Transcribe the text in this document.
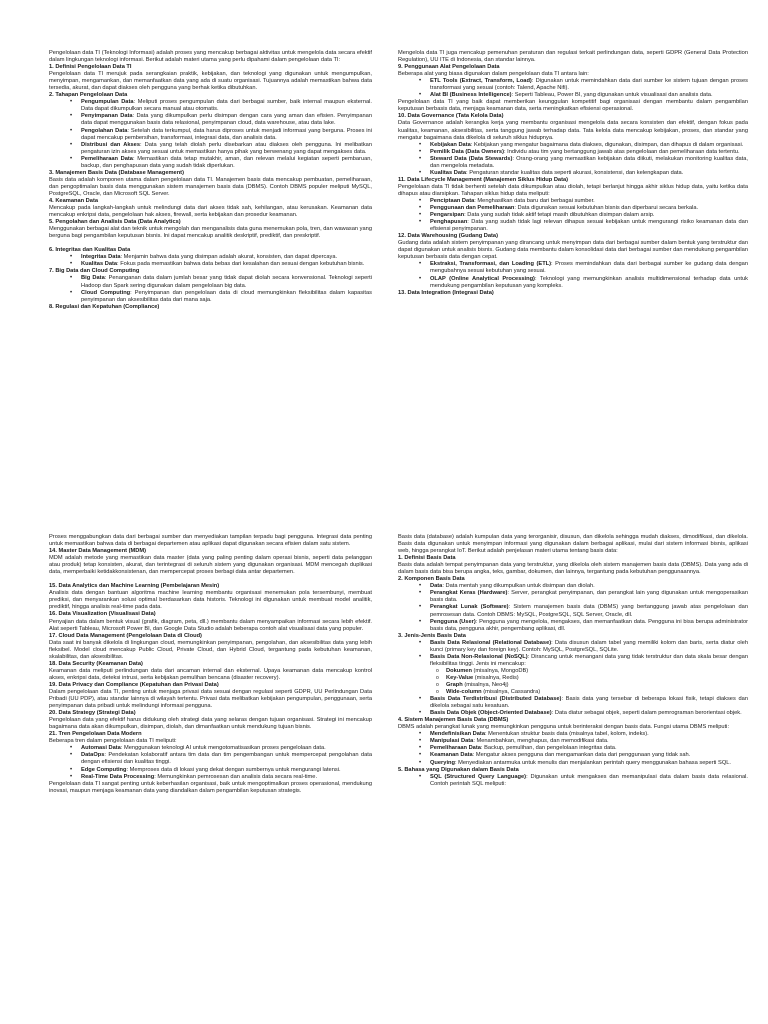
Pengelolaan data TI (Teknologi Informasi) adalah proses yang mencakup berbagai aktivitas untuk mengelola data secara efektif dalam lingkungan teknologi informasi. Berikut adalah materi utama yang perlu dipahami dalam pengelolaan data TI:

1. Definisi Pengelolaan Data TI

Pengelolaan data TI merujuk pada serangkaian praktik, kebijakan, dan teknologi yang digunakan untuk mengumpulkan, menyimpan, mengamankan, dan memanfaatkan data yang ada di suatu organisasi. Tujuannya adalah memastikan bahwa data tersedia, akurat, dan dapat diakses oleh pengguna yang berhak ketika dibutuhkan.

2. Tahapan Pengelolaan Data
• Pengumpulan Data: Meliputi proses pengumpulan data dari berbagai sumber, baik internal maupun eksternal. Data dapat dikumpulkan secara manual atau otomatis.
• Penyimpanan Data: Data yang dikumpulkan perlu disimpan dengan cara yang aman dan efisien. Penyimpanan data dapat menggunakan basis data relasional, penyimpanan cloud, data warehouse, atau data lake.
• Pengolahan Data: Setelah data terkumpul, data harus diproses untuk menjadi informasi yang berguna. Proses ini dapat mencakup pembersihan, transformasi, integrasi data, dan analisis data.
• Distribusi dan Akses: Data yang telah diolah perlu disebarkan atau diakses oleh pengguna. Ini melibatkan pengaturan izin akses yang sesuai untuk memastikan hanya pihak yang berwenang yang dapat mengakses data.
• Pemeliharaan Data: Memastikan data tetap mutakhir, aman, dan relevan melalui kegiatan seperti pembaruan, backup, dan penghapusan data yang sudah tidak diperlukan.
3. Manajemen Basis Data (Database Management)

Basis data adalah komponen utama dalam pengelolaan data TI. Manajemen basis data mencakup pembuatan, pemeliharaan, dan pengoptimalan basis data menggunakan sistem manajemen basis data (DBMS). Contoh DBMS populer meliputi MySQL, PostgreSQL, Oracle, dan Microsoft SQL Server.

4. Keamanan Data

Mencakup pada langkah-langkah untuk melindungi data dari akses tidak sah, kehilangan, atau kerusakan. Keamanan data mencakup enkripsi data, pengelolaan hak akses, firewall, serta kebijakan dan prosedur keamanan.

5. Pengolahan dan Analisis Data (Data Analytics)

Menggunakan berbagai alat dan teknik untuk mengolah dan menganalisis data guna menemukan pola, tren, dan wawasan yang berguna bagi pengambilan keputusan bisnis. Ini dapat mencakup analitik deskriptif, prediktif, dan preskriptif.

6. Integritas dan Kualitas Data
• Integritas Data: Menjamin bahwa data yang disimpan adalah akurat, konsisten, dan dapat dipercaya.
• Kualitas Data: Fokus pada memastikan bahwa data bebas dari kesalahan dan sesuai dengan kebutuhan bisnis.
7. Big Data dan Cloud Computing
• Big Data: Penanganan data dalam jumlah besar yang tidak dapat diolah secara konvensional. Teknologi seperti Hadoop dan Spark sering digunakan dalam pengelolaan big data.
• Cloud Computing: Penyimpanan dan pengelolaan data di cloud memungkinkan fleksibilitas dalam kapasitas penyimpanan dan aksesibilitas data dari mana saja.
8. Regulasi dan Kepatuhan (Compliance)

Mengelola data TI juga mencakup pemenuhan peraturan dan regulasi terkait perlindungan data, seperti GDPR (General Data Protection Regulation), UU ITE di Indonesia, dan standar lainnya.

9. Penggunaan Alat Pengelolaan Data

Beberapa alat yang biasa digunakan dalam pengelolaan data TI antara lain:

• ETL Tools (Extract, Transform, Load): Digunakan untuk memindahkan data dari sumber ke sistem tujuan dengan proses transformasi yang sesuai (contoh: Talend, Apache Nifi).
• Alat BI (Business Intelligence): Seperti Tableau, Power BI, yang digunakan untuk visualisasi dan analisis data.

Pengelolaan data TI yang baik dapat memberikan keunggulan kompetitif bagi organisasi dengan membantu dalam pengambilan keputusan berbasis data, menjaga keamanan data, serta meningkatkan efisiensi operasional.

10. Data Governance (Tata Kelola Data)

Data Governance adalah kerangka kerja yang membantu organisasi mengelola data secara konsisten dan efektif, dengan fokus pada kualitas, keamanan, aksesibilitas, serta tanggung jawab terhadap data. Tata kelola data mencakup kebijakan, proses, dan standar yang mengatur bagaimana data dikelola di seluruh siklus hidupnya.

• Kebijakan Data: Kebijakan yang mengatur bagaimana data diakses, digunakan, disimpan, dan dihapus di dalam organisasi.
• Pemilik Data (Data Owners): Individu atau tim yang bertanggung jawab atas pengelolaan dan pemeliharaan data tertentu.
• Steward Data (Data Stewards): Orang-orang yang memastikan kebijakan data diikuti, melakukan monitoring kualitas data, dan mengelola metadata.
• Kualitas Data: Pengaturan standar kualitas data seperti akurasi, konsistensi, dan kelengkapan data.
11. Data Lifecycle Management (Manajemen Siklus Hidup Data)

Pengelolaan data TI tidak berhenti setelah data dikumpulkan atau diolah, tetapi berlanjut hingga akhir siklus hidup data, yaitu ketika data dihapus atau diarsipkan. Tahapan siklus hidup data meliputi:

• Penciptaan Data: Menghasilkan data baru dari berbagai sumber.
• Penggunaan dan Pemeliharaan: Data digunakan sesuai kebutuhan bisnis dan diperbarui secara berkala.
• Pengarsipan: Data yang sudah tidak aktif tetapi masih dibutuhkan disimpan dalam arsip.
• Penghapusan: Data yang sudah tidak lagi relevan dihapus sesuai kebijakan untuk mengurangi risiko keamanan data dan efisiensi penyimpanan.
12. Data Warehousing (Gudang Data)

Gudang data adalah sistem penyimpanan yang dirancang untuk menyimpan data dari berbagai sumber dalam bentuk yang terstruktur dan dapat digunakan untuk analisis bisnis. Gudang data membantu dalam konsolidasi data dari berbagai sumber dan mendukung pengambilan keputusan berbasis data dengan cepat.

• Ekstraksi, Transformasi, dan Loading (ETL): Proses memindahkan data dari berbagai sumber ke gudang data dengan mengubahnya sesuai kebutuhan yang sesuai.
• OLAP (Online Analytical Processing): Teknologi yang memungkinkan analisis multidimensional terhadap data untuk mendukung pengambilan keputusan yang kompleks.
13. Data Integration (Integrasi Data)

Proses menggabungkan data dari berbagai sumber dan menyediakan tampilan terpadu bagi pengguna. Integrasi data penting untuk memastikan bahwa data di berbagai departemen atau aplikasi dapat digunakan secara efisien dalam satu sistem.

14. Master Data Management (MDM)

MDM adalah metode yang memastikan data master (data yang paling penting dalam operasi bisnis, seperti data pelanggan atau produk) tetap konsisten, akurat, dan terintegrasi di seluruh sistem yang digunakan organisasi. MDM mencegah duplikasi data, memperbaiki ketidakkonsistenan, dan mempercepat proses berbagi data antar departemen.

15. Data Analytics dan Machine Learning (Pembelajaran Mesin)

Analisis data dengan bantuan algoritma machine learning membantu organisasi menemukan pola tersembunyi, membuat prediksi, dan menyarankan solusi optimal berdasarkan data historis. Teknologi ini digunakan untuk membuat model analitik, prediktif, hingga analisis real-time pada data.

16. Data Visualization (Visualisasi Data)

Penyajian data dalam bentuk visual (grafik, diagram, peta, dll.) membantu dalam menyampaikan informasi secara lebih efektif. Alat seperti Tableau, Microsoft Power BI, dan Google Data Studio adalah beberapa contoh alat visualisasi data yang populer.

17. Cloud Data Management (Pengelolaan Data di Cloud)

Data saat ini banyak dikelola di lingkungan cloud, memungkinkan penyimpanan, pengolahan, dan aksesibilitas data yang lebih fleksibel. Model cloud mencakup Public Cloud, Private Cloud, dan Hybrid Cloud, tergantung pada kebutuhan keamanan, skalabilitas, dan aksesibilitas.

18. Data Security (Keamanan Data)

Keamanan data meliputi perlindungan data dari ancaman internal dan eksternal. Upaya keamanan data mencakup kontrol akses, enkripsi data, deteksi intrusi, serta kebijakan pemulihan bencana (disaster recovery).

19. Data Privacy dan Compliance (Kepatuhan dan Privasi Data)

Dalam pengelolaan data TI, penting untuk menjaga privasi data sesuai dengan regulasi seperti GDPR, UU Perlindungan Data Pribadi (UU PDP), atau standar lainnya di wilayah tertentu. Privasi data melibatkan kebijakan pengumpulan, penggunaan, serta penyimpanan data pribadi untuk melindungi informasi pengguna.

20. Data Strategy (Strategi Data)

Pengelolaan data yang efektif harus didukung oleh strategi data yang selaras dengan tujuan organisasi. Strategi ini mencakup bagaimana data akan dikumpulkan, disimpan, diolah, dan dimanfaatkan untuk mendukung tujuan bisnis.

21. Tren Pengelolaan Data Modern

Beberapa tren dalam pengelolaan data TI meliputi:

• Automasi Data: Menggunakan teknologi AI untuk mengotomatisasikan proses pengelolaan data.
• DataOps: Pendekatan kolaboratif antara tim data dan tim pengembangan untuk mempercepat pengolahan data dengan efisiensi dan kualitas tinggi.
• Edge Computing: Memproses data di lokasi yang dekat dengan sumbernya untuk mengurangi latensi.
• Real-Time Data Processing: Memungkinkan pemrosesan dan analisis data secara real-time.

Pengelolaan data TI sangat penting untuk keberhasilan organisasi, baik untuk mengoptimalkan proses operasional, mendukung inovasi, maupun menjaga keamanan data yang diandalkan dalam pengambilan keputusan strategis.

Basis data (database) adalah kumpulan data yang terorganisir, disusun, dan dikelola sehingga mudah diakses, dimodifikasi, dan dikelola. Basis data digunakan untuk menyimpan informasi yang digunakan dalam berbagai aplikasi, mulai dari sistem informasi bisnis, aplikasi web, hingga perangkat IoT. Berikut adalah penjelasan materi utama tentang basis data:

1. Definisi Basis Data

Basis data adalah tempat penyimpanan data yang terstruktur, yang dikelola oleh sistem manajemen basis data (DBMS). Data yang ada di dalam basis data bisa berupa angka, teks, gambar, dokumen, dan lainnya, tergantung pada kebutuhan penggunaannya.

2. Komponen Basis Data
• Data: Data mentah yang dikumpulkan untuk disimpan dan diolah.
• Perangkat Keras (Hardware): Server, perangkat penyimpanan, dan perangkat lain yang digunakan untuk mengoperasikan basis data.
• Perangkat Lunak (Software): Sistem manajemen basis data (DBMS) yang bertanggung jawab atas pengelolaan dan pemrosesan data. Contoh DBMS: MySQL, PostgreSQL, SQL Server, Oracle, dll.
• Pengguna (User): Pengguna yang mengelola, mengakses, dan memanfaatkan data. Pengguna ini bisa berupa administrator basis data, pengguna akhir, pengembang aplikasi, dll.
3. Jenis-Jenis Basis Data
• Basis Data Relasional (Relational Database): Data disusun dalam tabel yang memiliki kolom dan baris, serta diatur oleh kunci (primary key dan foreign key). Contoh: MySQL, PostgreSQL, SQLite.
• Basis Data Non-Relasional (NoSQL): Dirancang untuk menangani data yang tidak terstruktur dan data skala besar dengan fleksibilitas tinggi. Jenis ini mencakup:
o Dokumen (misalnya, MongoDB)
o Key-Value (misalnya, Redis)
o Graph (misalnya, Neo4j)
o Wide-column (misalnya, Cassandra)
• Basis Data Terdistribusi (Distributed Database): Basis data yang tersebar di beberapa lokasi fisik, tetapi diakses dan dikelola sebagai satu kesatuan.
• Basis Data Objek (Object-Oriented Database): Data diatur sebagai objek, seperti dalam pemrograman berorientasi objek.
4. Sistem Manajemen Basis Data (DBMS)

DBMS adalah perangkat lunak yang memungkinkan pengguna untuk berinteraksi dengan basis data. Fungsi utama DBMS meliputi:

• Mendefinisikan Data: Menentukan struktur basis data (misalnya tabel, kolom, indeks).
• Manipulasi Data: Menambahkan, menghapus, dan memodifikasi data.
• Pemeliharaan Data: Backup, pemulihan, dan pengelolaan integritas data.
• Keamanan Data: Mengatur akses pengguna dan mengamankan data dari penggunaan yang tidak sah.
• Querying: Menyediakan antarmuka untuk menulis dan menjalankan perintah query menggunakan bahasa seperti SQL.
5. Bahasa yang Digunakan dalam Basis Data
• SQL (Structured Query Language): Digunakan untuk mengakses dan memanipulasi data dalam basis data relasional. Contoh perintah SQL meliputi:
